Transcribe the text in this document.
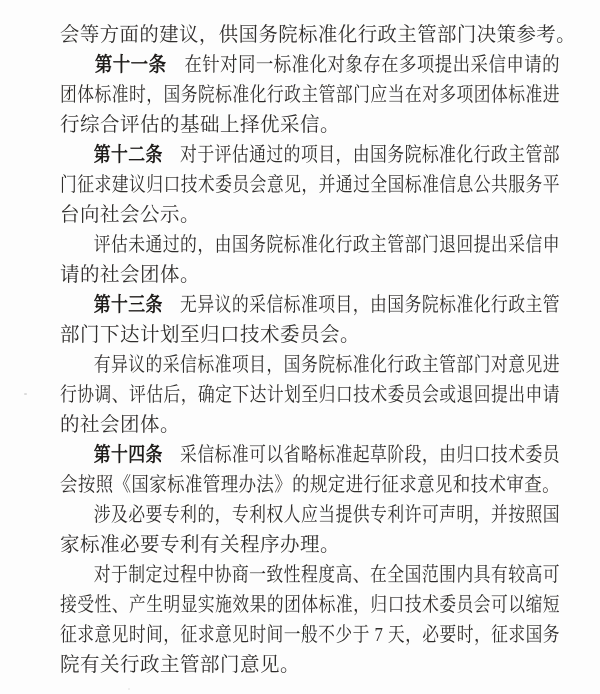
会等方面的建议，供国务院标准化行政主管部门决策参考。
第十一条　在针对同一标准化对象存在多项提出采信申请的
团体标准时，国务院标准化行政主管部门应当在对多项团体标准进
行综合评估的基础上择优采信。
第十二条　对于评估通过的项目，由国务院标准化行政主管部
门征求建议归口技术委员会意见，并通过全国标准信息公共服务平
台向社会公示。
评估未通过的，由国务院标准化行政主管部门退回提出采信申
请的社会团体。
第十三条　无异议的采信标准项目，由国务院标准化行政主管
部门下达计划至归口技术委员会。
有异议的采信标准项目，国务院标准化行政主管部门对意见进
行协调、评估后，确定下达计划至归口技术委员会或退回提出申请
的社会团体。
第十四条　采信标准可以省略标准起草阶段，由归口技术委员
会按照《国家标准管理办法》的规定进行征求意见和技术审查。
涉及必要专利的，专利权人应当提供专利许可声明，并按照国
家标准必要专利有关程序办理。
对于制定过程中协商一致性程度高、在全国范围内具有较高可
接受性、产生明显实施效果的团体标准，归口技术委员会可以缩短
征求意见时间，征求意见时间一般不少于 7 天，必要时，征求国务
院有关行政主管部门意见。
